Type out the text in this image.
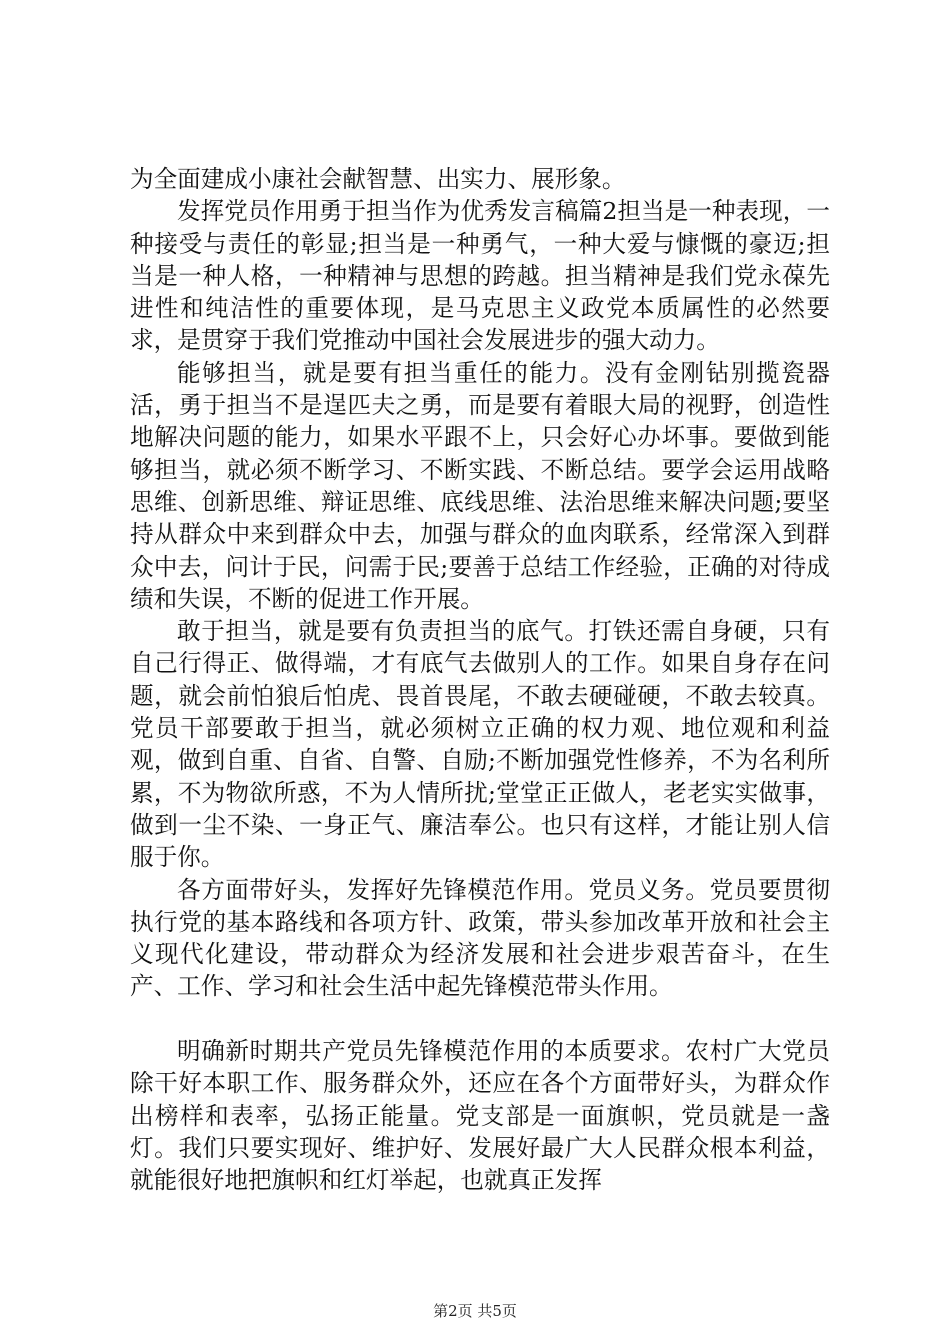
为全面建成小康社会献智慧、出实力、展形象。

发挥党员作用勇于担当作为优秀发言稿篇2担当是一种表现，一种接受与责任的彰显;担当是一种勇气，一种大爱与慷慨的豪迈;担当是一种人格，一种精神与思想的跨越。担当精神是我们党永葆先进性和纯洁性的重要体现，是马克思主义政党本质属性的必然要求，是贯穿于我们党推动中国社会发展进步的强大动力。

能够担当，就是要有担当重任的能力。没有金刚钻别揽瓷器活，勇于担当不是逞匹夫之勇，而是要有着眼大局的视野，创造性地解决问题的能力，如果水平跟不上，只会好心办坏事。要做到能够担当，就必须不断学习、不断实践、不断总结。要学会运用战略思维、创新思维、辩证思维、底线思维、法治思维来解决问题;要坚持从群众中来到群众中去，加强与群众的血肉联系，经常深入到群众中去，问计于民，问需于民;要善于总结工作经验，正确的对待成绩和失误，不断的促进工作开展。

敢于担当，就是要有负责担当的底气。打铁还需自身硬，只有自己行得正、做得端，才有底气去做别人的工作。如果自身存在问题，就会前怕狼后怕虎、畏首畏尾，不敢去硬碰硬，不敢去较真。党员干部要敢于担当，就必须树立正确的权力观、地位观和利益观，做到自重、自省、自警、自励;不断加强党性修养，不为名利所累，不为物欲所惑，不为人情所扰;堂堂正正做人，老老实实做事，做到一尘不染、一身正气、廉洁奉公。也只有这样，才能让别人信服于你。

各方面带好头，发挥好先锋模范作用。党员义务。党员要贯彻执行党的基本路线和各项方针、政策，带头参加改革开放和社会主义现代化建设，带动群众为经济发展和社会进步艰苦奋斗，在生产、工作、学习和社会生活中起先锋模范带头作用。

明确新时期共产党员先锋模范作用的本质要求。农村广大党员除干好本职工作、服务群众外，还应在各个方面带好头，为群众作出榜样和表率，弘扬正能量。党支部是一面旗帜，党员就是一盏灯。我们只要实现好、维护好、发展好最广大人民群众根本利益，就能很好地把旗帜和红灯举起，也就真正发挥

第2页 共5页
